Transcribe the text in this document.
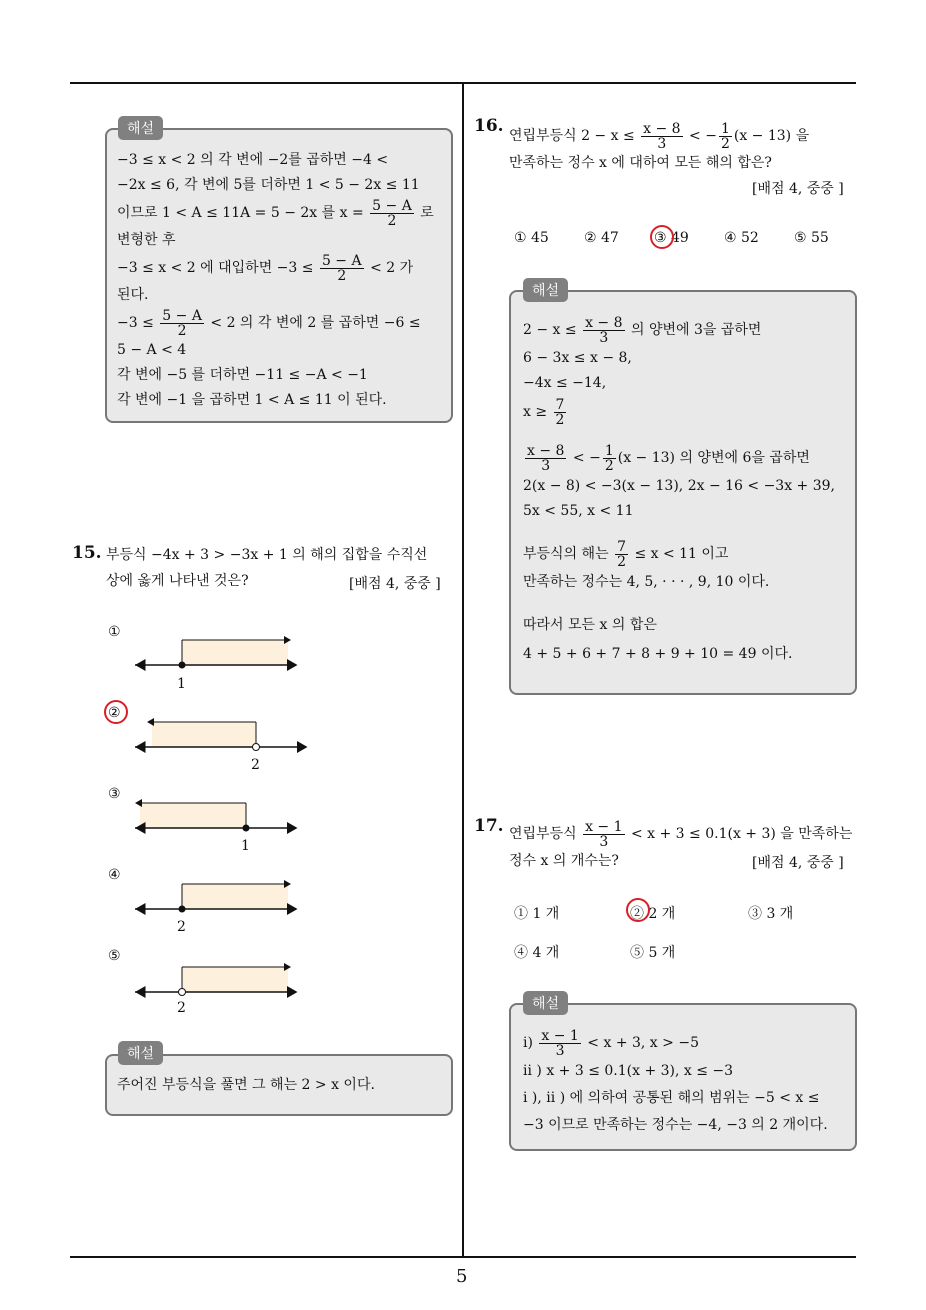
5
−3 ≤ x < 2 의 각 변에 −2를 곱하면 −4 <
−2x ≤ 6, 각 변에 5를 더하면 1 < 5 − 2x ≤ 11
이므로 1 < A ≤ 11A = 5 − 2x 를 $x = \frac{5 - A}{2}$ 로
변형한 후
−3 ≤ x < 2 에 대입하면 $-3 \le \frac{5 - A}{2} < 2$ 가
된다.
$-3 \le \frac{5 - A}{2} < 2$ 의 각 변에 2 를 곱하면 −6 ≤
5 − A < 4
각 변에 −5 를 더하면 −11 ≤ −A < −1
각 변에 −1 을 곱하면 1 < A ≤ 11 이 된다.
해설
15. 부등식 −4x + 3 > −3x + 1 의 해의 집합을 수직선
상에 옳게 나타낸 것은?	[배점 4, 중중 ]
①
1
②
2
③
1
④
2
⑤
2
주어진 부등식을 풀면 그 해는 2 > x 이다.
해설
16. 연립부등식 $2 - x \le \frac{x - 8}{3}$ < − $\frac{1}{2} (x - 13)$ 을
만족하는 정수 x 에 대하여 모든 해의 합은?
[배점 4, 중중 ]
① 45	② 47	③ 49	④ 52	⑤ 55
$2 - x \le \frac{x - 8}{3}$ 의 양변에 3을 곱하면
6 − 3x ≤ x − 8,
−4x ≤ −14,
$x \ge \frac{7}{2}$
$\frac{x - 8}{3}$ < − $\frac{1}{2} (x - 13)$ 의 양변에 6을 곱하면
2(x − 8) < −3(x − 13), 2x − 16 < −3x + 39,
5x < 55, x < 11
부등식의 해는 $\frac{7}{2} \le x < 11$ 이고
만족하는 정수는 4, 5, · · · , 9, 10 이다.
따라서 모든 x 의 합은
4 + 5 + 6 + 7 + 8 + 9 + 10 = 49 이다.
해설
17. 연립부등식 $\frac{x - 1}{3} < x + 3 \le 0.1(x + 3)$ 을 만족하는
정수 x 의 개수는?	[배점 4, 중중 ]
① 1 개	② 2 개	③ 3 개
④ 4 개	⑤ 5 개
$i) \frac{x - 1}{3} < x + 3$, x > −5
ii ) x + 3 ≤ 0.1(x + 3), x ≤ −3
i ), ii ) 에 의하여 공통된 해의 범위는 −5 < x ≤
−3 이므로 만족하는 정수는 −4, −3 의 2 개이다.
해설
